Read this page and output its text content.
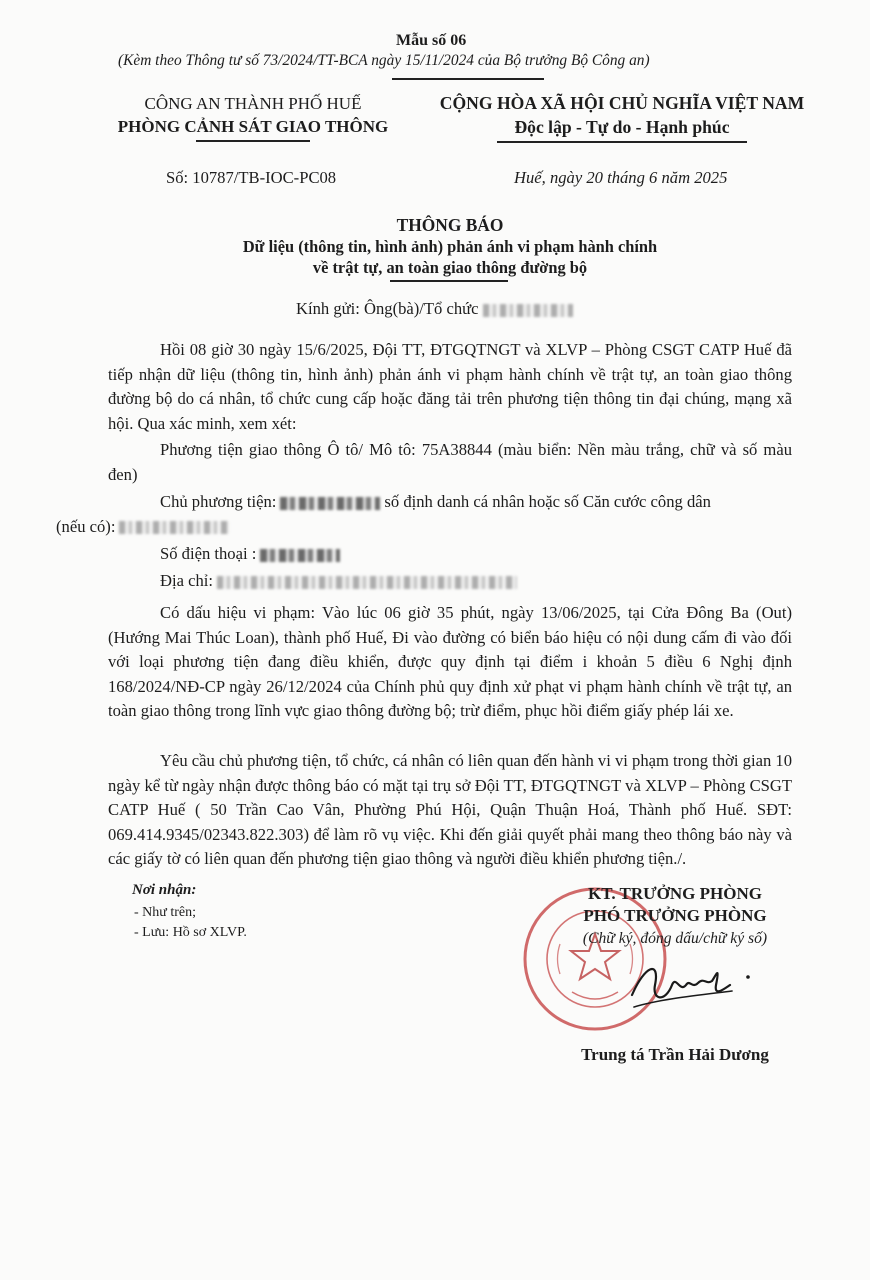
Mẫu số 06
(Kèm theo Thông tư số 73/2024/TT-BCA ngày 15/11/2024 của Bộ trưởng Bộ Công an)
CÔNG AN THÀNH PHỐ HUẾ
PHÒNG CẢNH SÁT GIAO THÔNG
CỘNG HÒA XÃ HỘI CHỦ NGHĨA VIỆT NAM
Độc lập - Tự do - Hạnh phúc
Số: 10787/TB-IOC-PC08	Huế, ngày 20 tháng 6 năm 2025
THÔNG BÁO
Dữ liệu (thông tin, hình ảnh) phản ánh vi phạm hành chính
về trật tự, an toàn giao thông đường bộ
Kính gửi: Ông(bà)/Tổ chức
Hồi 08 giờ 30 ngày 15/6/2025, Đội TT, ĐTGQTNGT và XLVP – Phòng CSGT CATP Huế đã tiếp nhận dữ liệu (thông tin, hình ảnh) phản ánh vi phạm hành chính về trật tự, an toàn giao thông đường bộ do cá nhân, tổ chức cung cấp hoặc đăng tải trên phương tiện thông tin đại chúng, mạng xã hội. Qua xác minh, xem xét:
Phương tiện giao thông Ô tô/ Mô tô: 75A38844 (màu biển: Nền màu trắng, chữ và số màu đen)
Chủ phương tiện:	số định danh cá nhân hoặc số Căn cước công dân
(nếu có):
Số điện thoại :
Địa chỉ:
Có dấu hiệu vi phạm: Vào lúc 06 giờ 35 phút, ngày 13/06/2025, tại Cửa Đông Ba (Out) (Hướng Mai Thúc Loan), thành phố Huế, Đi vào đường có biển báo hiệu có nội dung cấm đi vào đối với loại phương tiện đang điều khiển, được quy định tại điểm i khoản 5 điều 6 Nghị định 168/2024/NĐ-CP ngày 26/12/2024 của Chính phủ quy định xử phạt vi phạm hành chính về trật tự, an toàn giao thông trong lĩnh vực giao thông đường bộ; trừ điểm, phục hồi điểm giấy phép lái xe.
Yêu cầu chủ phương tiện, tổ chức, cá nhân có liên quan đến hành vi vi phạm trong thời gian 10 ngày kể từ ngày nhận được thông báo có mặt tại trụ sở Đội TT, ĐTGQTNGT và XLVP – Phòng CSGT CATP Huế ( 50 Trần Cao Vân, Phường Phú Hội, Quận Thuận Hoá, Thành phố Huế. SĐT: 069.414.9345/02343.822.303) để làm rõ vụ việc. Khi đến giải quyết phải mang theo thông báo này và các giấy tờ có liên quan đến phương tiện giao thông và người điều khiển phương tiện./.
Nơi nhận:
- Như trên;
- Lưu: Hồ sơ XLVP.
KT. TRƯỞNG PHÒNG
PHÓ TRƯỞNG PHÒNG
(Chữ ký, đóng dấu/chữ ký số)
Trung tá Trần Hải Dương
